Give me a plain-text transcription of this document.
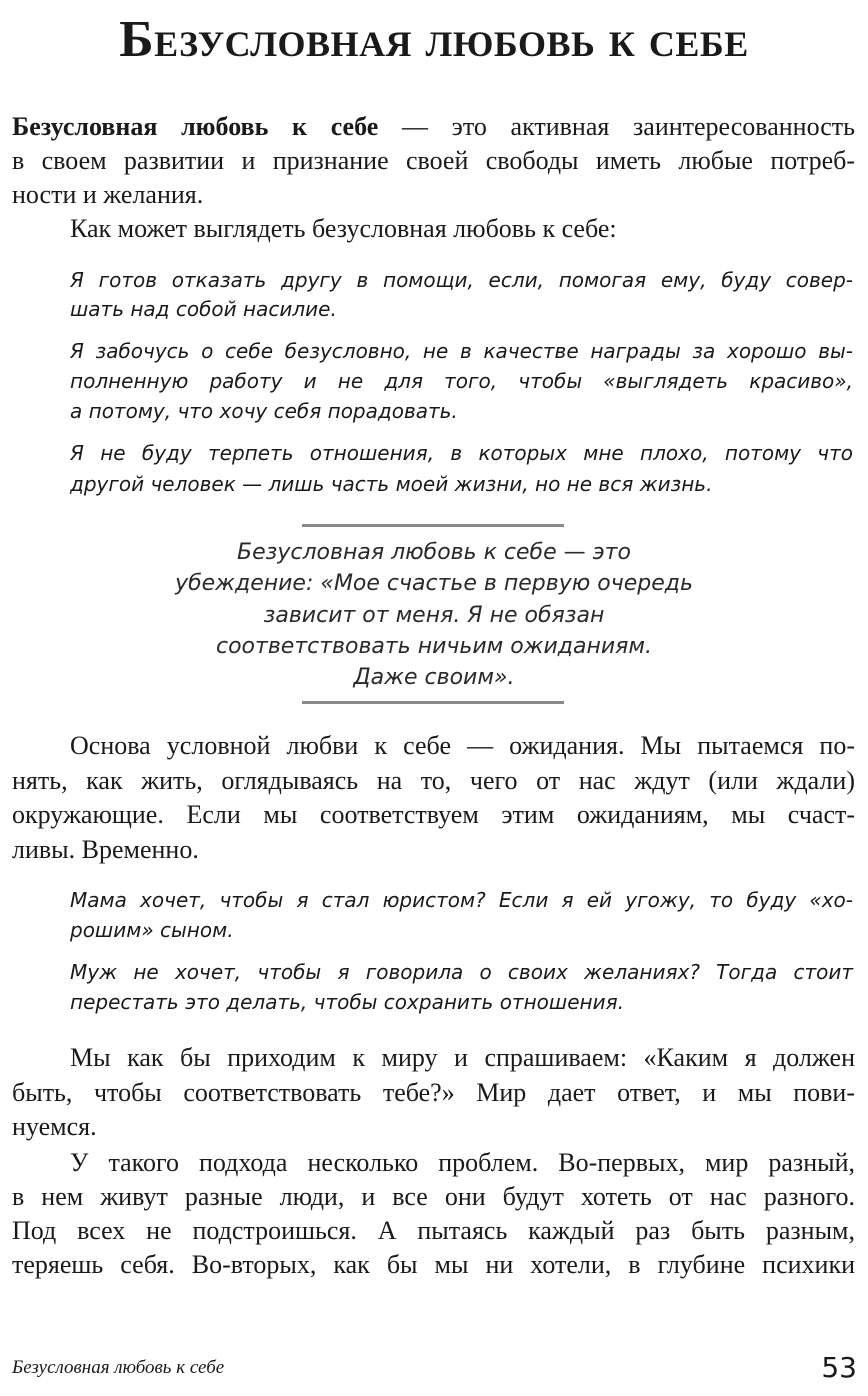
Безусловная любовь к себе
Безусловная любовь к себе — это активная заинтересованность
в своем развитии и признание своей свободы иметь любые потреб-
ности и желания.
Как может выглядеть безусловная любовь к себе:
Я готов отказать другу в помощи, если, помогая ему, буду совер-
шать над собой насилие.
Я забочусь о себе безусловно, не в качестве награды за хорошо вы-
полненную работу и не для того, чтобы «выглядеть красиво»,
а потому, что хочу себя порадовать.
Я не буду терпеть отношения, в которых мне плохо, потому что
другой человек — лишь часть моей жизни, но не вся жизнь.
Безусловная любовь к себе — это
убеждение: «Мое счастье в первую очередь
зависит от меня. Я не обязан
соответствовать ничьим ожиданиям.
Даже своим».
Основа условной любви к себе — ожидания. Мы пытаемся по-
нять, как жить, оглядываясь на то, чего от нас ждут (или ждали)
окружающие. Если мы соответствуем этим ожиданиям, мы счаст-
ливы. Временно.
Мама хочет, чтобы я стал юристом? Если я ей угожу, то буду «хо-
рошим» сыном.
Муж не хочет, чтобы я говорила о своих желаниях? Тогда стоит
перестать это делать, чтобы сохранить отношения.
Мы как бы приходим к миру и спрашиваем: «Каким я должен
быть, чтобы соответствовать тебе?» Мир дает ответ, и мы пови-
нуемся.
У такого подхода несколько проблем. Во-первых, мир разный,
в нем живут разные люди, и все они будут хотеть от нас разного.
Под всех не подстроишься. А пытаясь каждый раз быть разным,
теряешь себя. Во-вторых, как бы мы ни хотели, в глубине психики
Безусловная любовь к себе	53
